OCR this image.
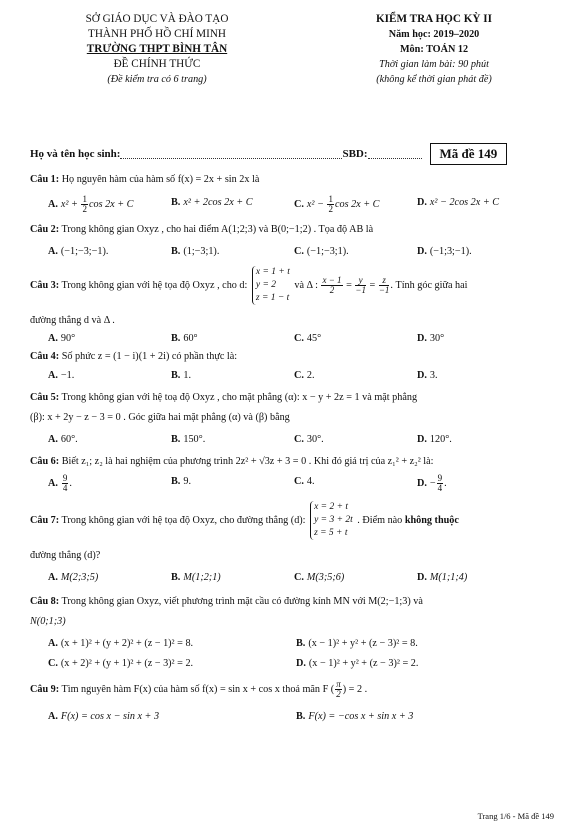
SỞ GIÁO DỤC VÀ ĐÀO TẠO
THÀNH PHỐ HỒ CHÍ MINH
TRƯỜNG THPT BÌNH TÂN
ĐỀ CHÍNH THỨC
(Đề kiểm tra có 6 trang)
KIỂM TRA HỌC KỲ II
Năm học: 2019–2020
Môn: TOÁN 12
Thời gian làm bài: 90 phút
(không kể thời gian phát đề)
Họ và tên học sinh:	SBD:	Mã đề 149
Câu 1: Họ nguyên hàm của hàm số f(x) = 2x + sin 2x là
A. $x^2 + \frac{1}{2}$ cos 2x + C	B. x² + 2cos 2x + C	C. $x^2 - \frac{1}{2}$ cos 2x + C	D. x² − 2cos 2x + C
Câu 2: Trong không gian Oxyz , cho hai điểm A(1;2;3) và B(0;−1;2) . Tọa độ AB là
A. (−1;−3;−1).	B. (1;−3;1).	C. (−1;−3;1).	D. (−1;3;−1).
Câu 3: Trong không gian với hệ tọa độ Oxyz , cho d:
x = 1 + t
y = 2
z = 1 − t
và Δ : $\frac{x - 1}{2} = \frac{y}{-1} = \frac{z}{-1}$ . Tính góc giữa hai
đường thẳng d và Δ .
A. 90°	B. 60°	C. 45°	D. 30°
Câu 4: Số phức z = (1 − i)(1 + 2i) có phần thực là:
A. −1.	B. 1.	C. 2.	D. 3.
Câu 5: Trong không gian với hệ toạ độ Oxyz , cho mặt phẳng (α): x − y + 2z = 1 và mặt phẳng
(β): x + 2y − z − 3 = 0 . Góc giữa hai mặt phẳng (α) và (β) bằng
A. 60°.	B. 150°.	C. 30°.	D. 120°.
Câu 6: Biết z₁; z₂ là hai nghiệm của phương trình 2z² + √3z + 3 = 0 . Khi đó giá trị của z₁² + z₂² là:
A. $\frac{9}{4}$ .	B. 9.	C. 4.	D. − $\frac{9}{4}$ .
Câu 7: Trong không gian với hệ tọa độ Oxyz, cho đường thẳng (d):
x = 2 + t
y = 3 + 2t
z = 5 + t
. Điểm nào không thuộc
đường thẳng (d)?
A. M(2;3;5)	B. M(1;2;1)	C. M(3;5;6)	D. M(1;1;4)
Câu 8: Trong không gian Oxyz, viết phương trình mặt cầu có đường kính MN với M(2;−1;3) và
N(0;1;3)
A. (x + 1)² + (y + 2)² + (z − 1)² = 8.	B. (x − 1)² + y² + (z − 3)² = 8.
C. (x + 2)² + (y + 1)² + (z − 3)² = 2.	D. (x − 1)² + y² + (z − 3)² = 2.
Câu 9: Tìm nguyên hàm F(x) của hàm số f(x) = sin x + cos x thoả mãn F ( $\frac{\pi}{2}$ ) = 2 .
A. F(x) = cos x − sin x + 3	B. F(x) = −cos x + sin x + 3
Trang 1/6 - Mã đề 149
